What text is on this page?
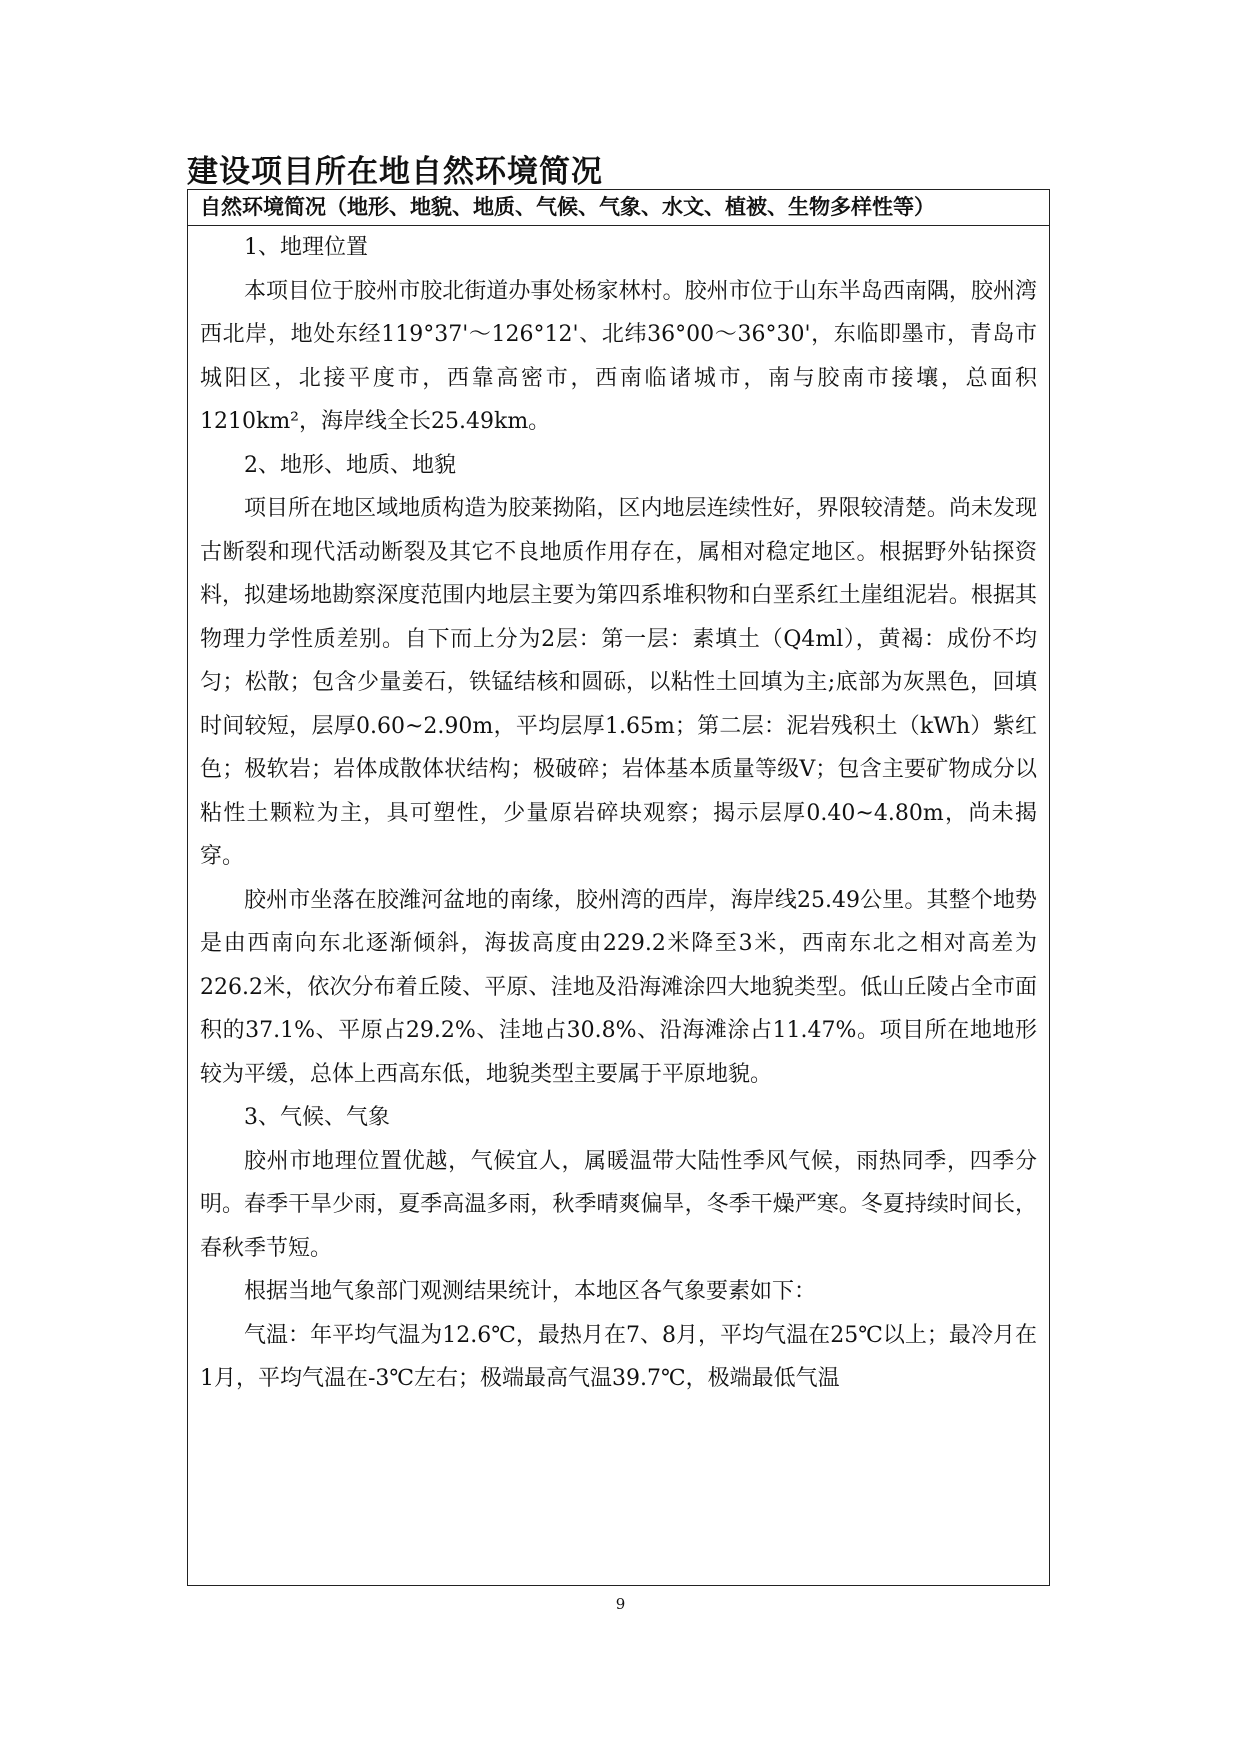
建设项目所在地自然环境简况
自然环境简况（地形、地貌、地质、气候、气象、水文、植被、生物多样性等）

1、地理位置

本项目位于胶州市胶北街道办事处杨家林村。胶州市位于山东半岛西南隅，胶州湾西北岸，地处东经119°37'～126°12'、北纬36°00～36°30'，东临即墨市，青岛市城阳区，北接平度市，西靠高密市，西南临诸城市，南与胶南市接壤，总面积1210km²，海岸线全长25.49km。

2、地形、地质、地貌

项目所在地区域地质构造为胶莱拗陷，区内地层连续性好，界限较清楚。尚未发现古断裂和现代活动断裂及其它不良地质作用存在，属相对稳定地区。根据野外钻探资料，拟建场地勘察深度范围内地层主要为第四系堆积物和白垩系红土崖组泥岩。根据其物理力学性质差别。自下而上分为2层：第一层：素填土（Q4ml），黄褐：成份不均匀；松散；包含少量姜石，铁锰结核和圆砾，以粘性土回填为主;底部为灰黑色，回填时间较短，层厚0.60~2.90m，平均层厚1.65m；第二层：泥岩残积土（kWh）紫红色；极软岩；岩体成散体状结构；极破碎；岩体基本质量等级V；包含主要矿物成分以粘性土颗粒为主，具可塑性，少量原岩碎块观察；揭示层厚0.40~4.80m，尚未揭穿。

胶州市坐落在胶潍河盆地的南缘，胶州湾的西岸，海岸线25.49公里。其整个地势是由西南向东北逐渐倾斜，海拔高度由229.2米降至3米，西南东北之相对高差为226.2米，依次分布着丘陵、平原、洼地及沿海滩涂四大地貌类型。低山丘陵占全市面积的37.1%、平原占29.2%、洼地占30.8%、沿海滩涂占11.47%。项目所在地地形较为平缓，总体上西高东低，地貌类型主要属于平原地貌。

3、气候、气象

胶州市地理位置优越，气候宜人，属暖温带大陆性季风气候，雨热同季，四季分明。春季干旱少雨，夏季高温多雨，秋季晴爽偏旱，冬季干燥严寒。冬夏持续时间长，春秋季节短。

根据当地气象部门观测结果统计，本地区各气象要素如下：

气温：年平均气温为12.6℃，最热月在7、8月，平均气温在25℃以上；最冷月在1月，平均气温在-3℃左右；极端最高气温39.7℃，极端最低气温

9
